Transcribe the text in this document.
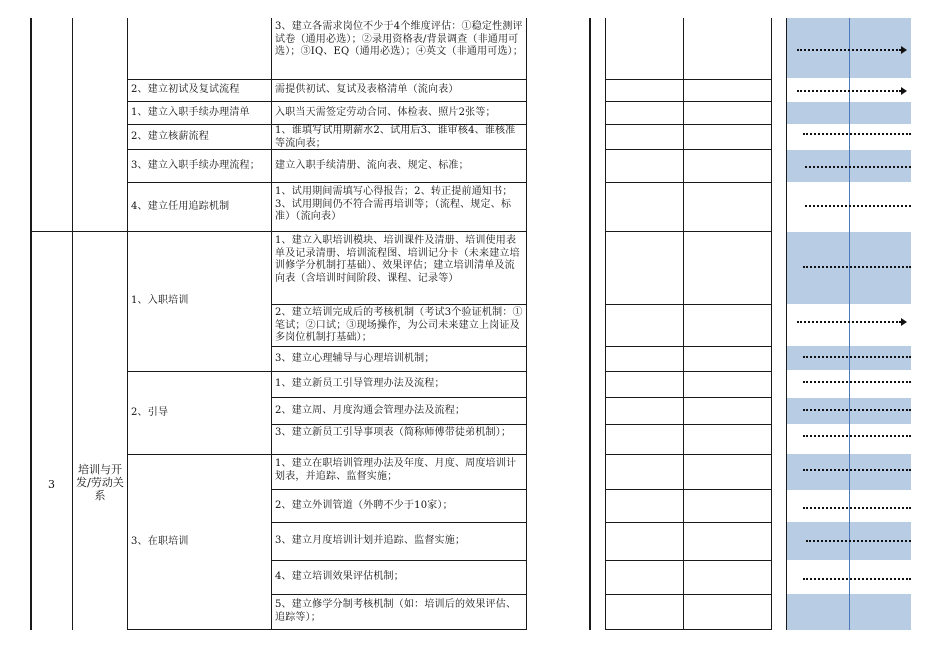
3
培训与开发/劳动关系
2、建立初试及复试流程
1、建立入职手续办理清单
2、建立核薪流程
3、建立入职手续办理流程；
4、建立任用追踪机制
1、入职培训
2、引导
3、在职培训
3、建立各需求岗位不少于4个维度评估：①稳定性测评试卷（通用必选）；②录用资格表/背景调查（非通用可选）；③IQ、EQ（通用必选）；④英文（非通用可选）；
需提供初试、复试及表格清单（流向表）
入职当天需签定劳动合同、体检表、照片2张等；
1、谁填写试用期薪水2、试用后3、谁审核4、谁核准等流向表；
建立入职手续清册、流向表、规定、标准；
1、试用期间需填写心得报告；2、转正提前通知书；3、试用期间仍不符合需再培训等；（流程、规定、标准）（流向表）
1、建立入职培训模块、培训课件及清册、培训使用表单及记录清册、培训流程图、培训记分卡（未来建立培训修学分机制打基础）、效果评估；建立培训清单及流向表（含培训时间阶段、课程、记录等）
2、建立培训完成后的考核机制（考试3个验证机制：①笔试；②口试；③现场操作，为公司未来建立上岗证及多岗位机制打基础）；
3、建立心理辅导与心理培训机制；
1、建立新员工引导管理办法及流程；
2、建立周、月度沟通会管理办法及流程；
3、建立新员工引导事项表（简称师傅带徒弟机制）；
1、建立在职培训管理办法及年度、月度、周度培训计划表，并追踪、监督实施；
2、建立外训管道（外聘不少于10家）；
3、建立月度培训计划并追踪、监督实施；
4、建立培训效果评估机制；
5、建立修学分制考核机制（如：培训后的效果评估、追踪等）；
